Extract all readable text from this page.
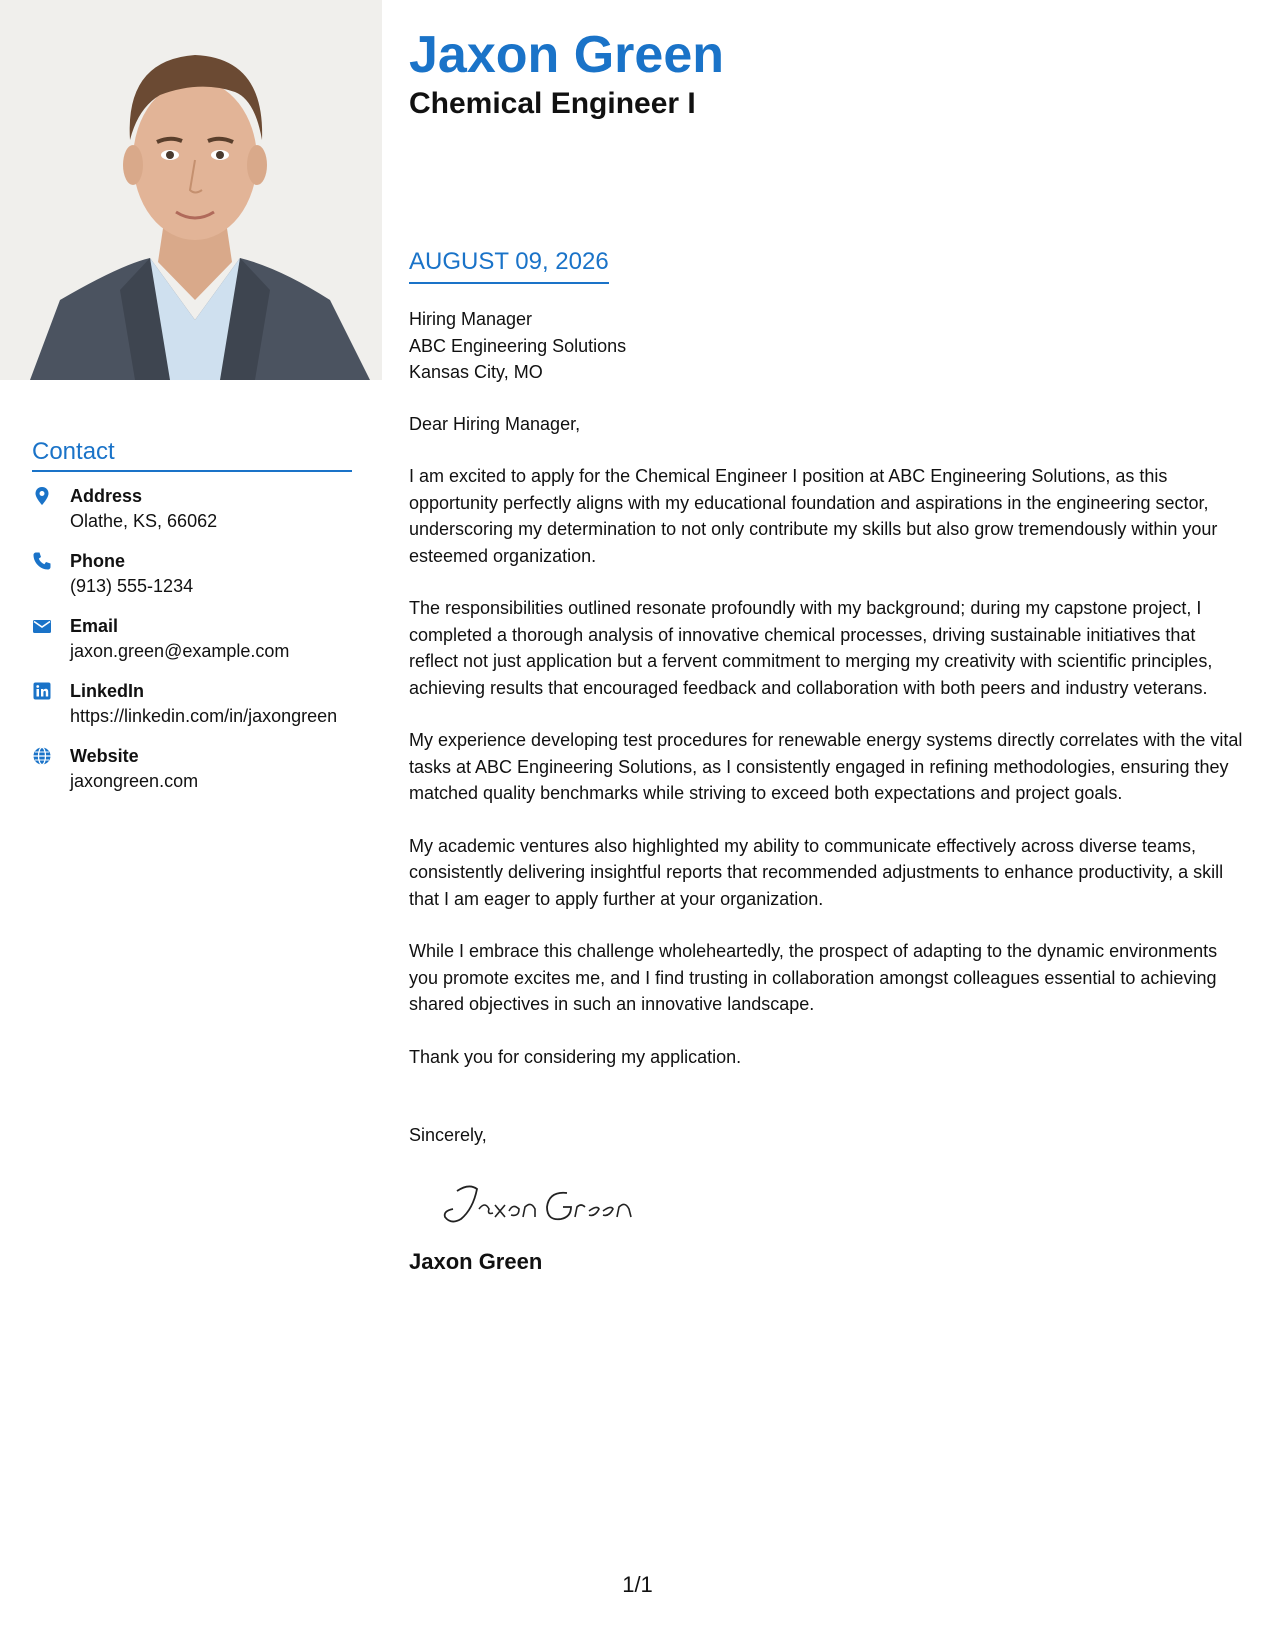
Contact
Address
Olathe, KS, 66062
Phone
(913) 555-1234
Email
jaxon.green@example.com
LinkedIn
https://linkedin.com/in/jaxongreen
Website
jaxongreen.com
Jaxon Green
Chemical Engineer I
AUGUST 09, 2026
Hiring Manager
ABC Engineering Solutions
Kansas City, MO

Dear Hiring Manager,

I am excited to apply for the Chemical Engineer I position at ABC Engineering Solutions, as this opportunity perfectly aligns with my educational foundation and aspirations in the engineering sector, underscoring my determination to not only contribute my skills but also grow tremendously within your esteemed organization.

The responsibilities outlined resonate profoundly with my background; during my capstone project, I completed a thorough analysis of innovative chemical processes, driving sustainable initiatives that reflect not just application but a fervent commitment to merging my creativity with scientific principles, achieving results that encouraged feedback and collaboration with both peers and industry veterans.

My experience developing test procedures for renewable energy systems directly correlates with the vital tasks at ABC Engineering Solutions, as I consistently engaged in refining methodologies, ensuring they matched quality benchmarks while striving to exceed both expectations and project goals.

My academic ventures also highlighted my ability to communicate effectively across diverse teams, consistently delivering insightful reports that recommended adjustments to enhance productivity, a skill that I am eager to apply further at your organization.

While I embrace this challenge wholeheartedly, the prospect of adapting to the dynamic environments you promote excites me, and I find trusting in collaboration amongst colleagues essential to achieving shared objectives in such an innovative landscape.

Thank you for considering my application.

Sincerely,

Jaxon Green
1/1
